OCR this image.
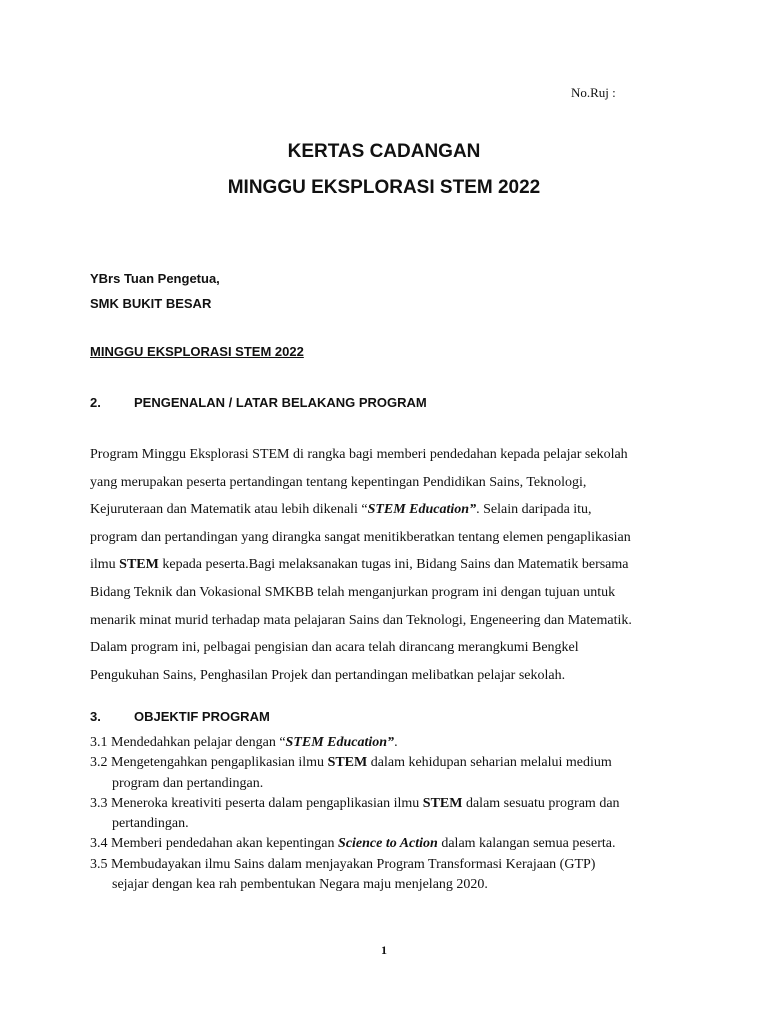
No.Ruj :
KERTAS CADANGAN
MINGGU EKSPLORASI STEM 2022
YBrs Tuan Pengetua,
SMK BUKIT BESAR
MINGGU EKSPLORASI STEM 2022
2.	PENGENALAN / LATAR BELAKANG PROGRAM
Program Minggu Eksplorasi STEM di rangka bagi memberi pendedahan kepada pelajar sekolah
yang merupakan peserta pertandingan tentang kepentingan Pendidikan Sains, Teknologi,
Kejuruteraan dan Matematik atau lebih dikenali “STEM Education”. Selain daripada itu,
program dan pertandingan yang dirangka sangat menitikberatkan tentang elemen pengaplikasian
ilmu STEM kepada peserta.Bagi melaksanakan tugas ini, Bidang Sains dan Matematik bersama
Bidang Teknik dan Vokasional SMKBB telah menganjurkan program ini dengan tujuan untuk
menarik minat murid terhadap mata pelajaran Sains dan Teknologi, Engeneering dan Matematik.
Dalam program ini, pelbagai pengisian dan acara telah dirancang merangkumi Bengkel
Pengukuhan Sains, Penghasilan Projek dan pertandingan melibatkan pelajar sekolah.
3.	OBJEKTIF PROGRAM
3.1 Mendedahkan pelajar dengan “STEM Education”.
3.2 Mengetengahkan pengaplikasian ilmu STEM dalam kehidupan seharian melalui medium
program dan pertandingan.
3.3 Meneroka kreativiti peserta dalam pengaplikasian ilmu STEM dalam sesuatu program dan
pertandingan.
3.4 Memberi pendedahan akan kepentingan Science to Action dalam kalangan semua peserta.
3.5 Membudayakan ilmu Sains dalam menjayakan Program Transformasi Kerajaan (GTP)
sejajar dengan kea rah pembentukan Negara maju menjelang 2020.
1
